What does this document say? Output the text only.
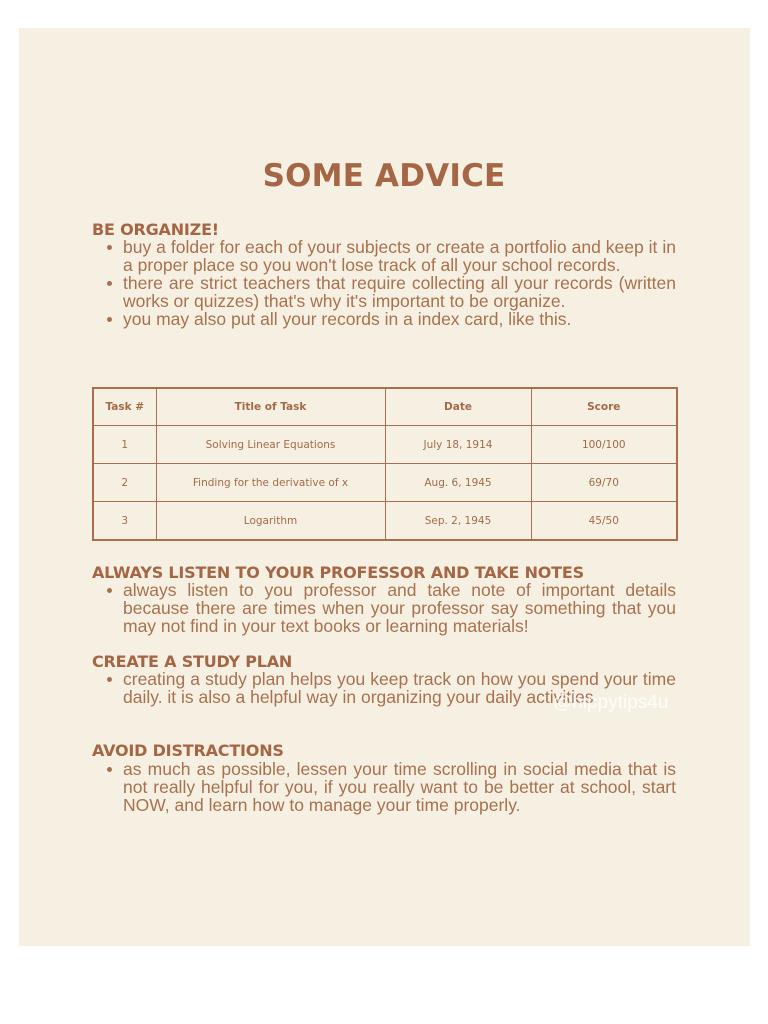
SOME ADVICE
BE ORGANIZE!
buy a folder for each of your subjects or create a portfolio and keep it in a proper place so you won't lose track of all your school records.
there are strict teachers that require collecting all your records (written works or quizzes) that's why it's important to be organize.
you may also put all your records in a index card, like this.
Task #	Title of Task	Date	Score
1	Solving Linear Equations	July 18, 1914	100/100
2	Finding for the derivative of x	Aug. 6, 1945	69/70
3	Logarithm	Sep. 2, 1945	45/50
ALWAYS LISTEN TO YOUR PROFESSOR AND TAKE NOTES
always listen to you professor and take note of important details because there are times when your professor say something that you may not find in your text books or learning materials!
CREATE A STUDY PLAN
creating a study plan helps you keep track on how you spend your time daily. it is also a helpful way in organizing your daily activities.
AVOID DISTRACTIONS
as much as possible, lessen your time scrolling in social media that is not really helpful for you, if you really want to be better at school, start NOW, and learn how to manage your time properly.
@hippytips4u
